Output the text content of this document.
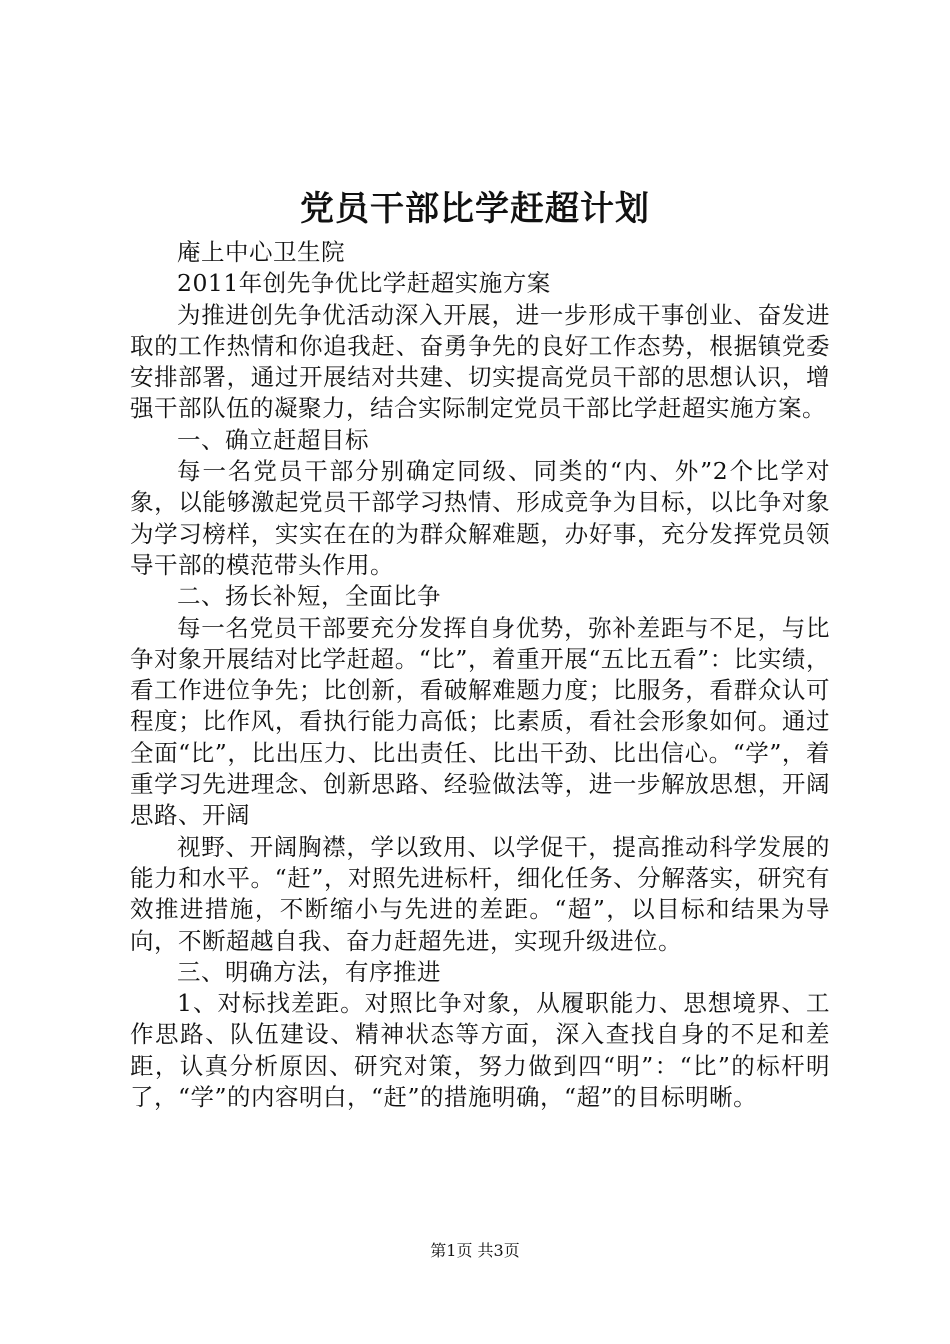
党员干部比学赶超计划

庵上中心卫生院

2011年创先争优比学赶超实施方案

为推进创先争优活动深入开展，进一步形成干事创业、奋发进取的工作热情和你追我赶、奋勇争先的良好工作态势，根据镇党委安排部署，通过开展结对共建、切实提高党员干部的思想认识，增强干部队伍的凝聚力，结合实际制定党员干部比学赶超实施方案。

一、确立赶超目标

每一名党员干部分别确定同级、同类的“内、外”2个比学对象，以能够激起党员干部学习热情、形成竞争为目标，以比争对象为学习榜样，实实在在的为群众解难题，办好事，充分发挥党员领导干部的模范带头作用。

二、扬长补短，全面比争

每一名党员干部要充分发挥自身优势，弥补差距与不足，与比争对象开展结对比学赶超。“比”，着重开展“五比五看”：比实绩，看工作进位争先；比创新，看破解难题力度；比服务，看群众认可程度；比作风，看执行能力高低；比素质，看社会形象如何。通过全面“比”，比出压力、比出责任、比出干劲、比出信心。“学”，着重学习先进理念、创新思路、经验做法等，进一步解放思想，开阔思路、开阔

视野、开阔胸襟，学以致用、以学促干，提高推动科学发展的能力和水平。“赶”，对照先进标杆，细化任务、分解落实，研究有效推进措施，不断缩小与先进的差距。“超”，以目标和结果为导向，不断超越自我、奋力赶超先进，实现升级进位。

三、明确方法，有序推进

1、对标找差距。对照比争对象，从履职能力、思想境界、工作思路、队伍建设、精神状态等方面，深入查找自身的不足和差距，认真分析原因、研究对策，努力做到四“明”：“比”的标杆明了，“学”的内容明白，“赶”的措施明确，“超”的目标明晰。

第1页 共3页
